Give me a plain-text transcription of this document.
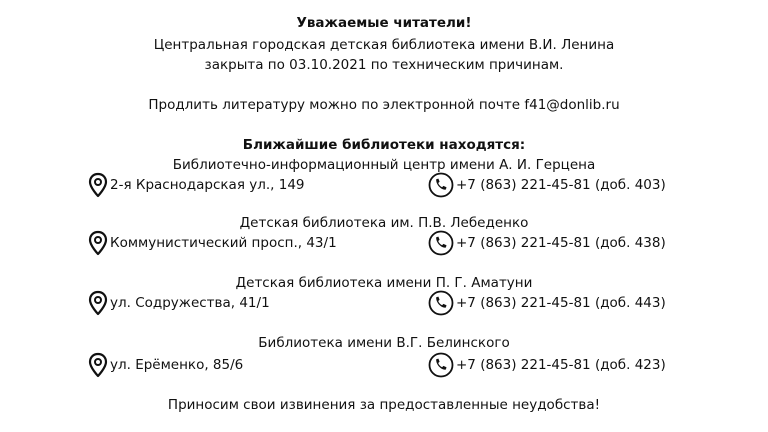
Уважаемые читатели!
Центральная городская детская библиотека имени В.И. Ленина
закрыта по 03.10.2021 по техническим причинам.
Продлить литературу можно по электронной почте f41@donlib.ru
Ближайшие библиотеки находятся:
Библиотечно-информационный центр имени А. И. Герцена
2-я Краснодарская ул., 149	+7 (863) 221-45-81 (доб. 403)
Детская библиотека им. П.В. Лебеденко
Коммунистический просп., 43/1	+7 (863) 221-45-81 (доб. 438)
Детская библиотека имени П. Г. Аматуни
ул. Содружества, 41/1	+7 (863) 221-45-81 (доб. 443)
Библиотека имени В.Г. Белинского
ул. Ерёменко, 85/6	+7 (863) 221-45-81 (доб. 423)
Приносим свои извинения за предоставленные неудобства!
